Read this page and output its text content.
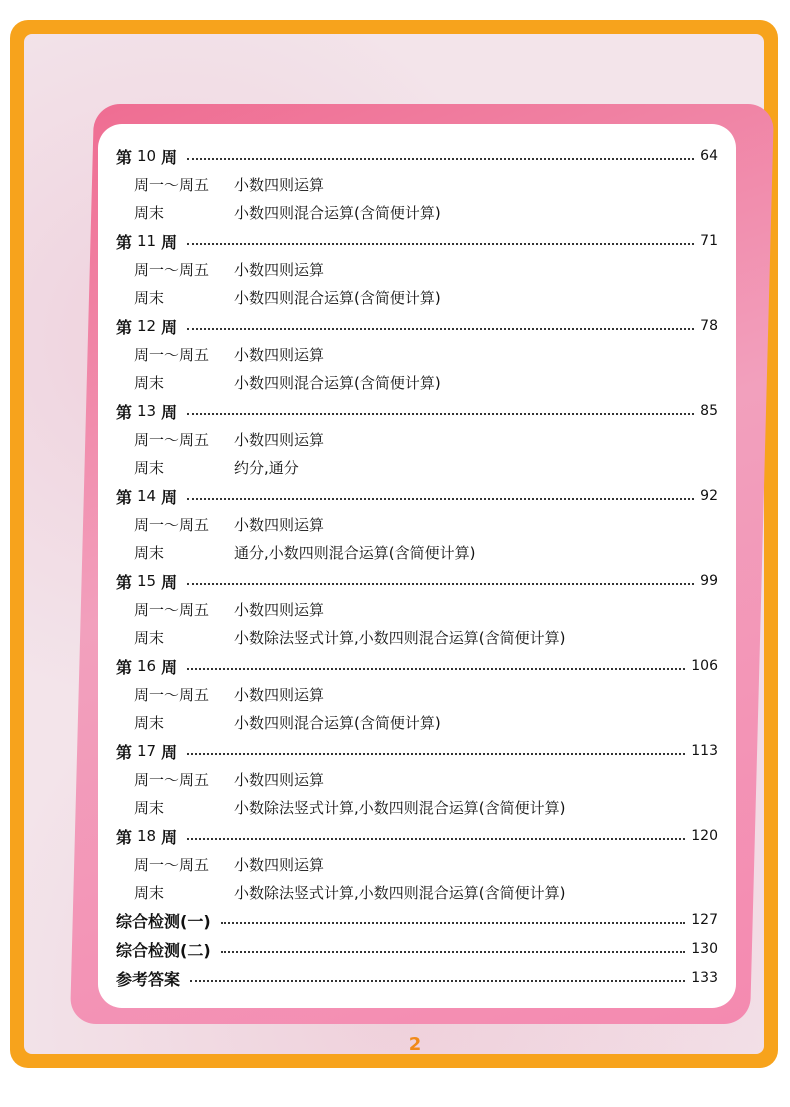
第 10 周	64
周一～周五	小数四则运算
周末	小数四则混合运算(含简便计算)
第 11 周	71
周一～周五	小数四则运算
周末	小数四则混合运算(含简便计算)
第 12 周	78
周一～周五	小数四则运算
周末	小数四则混合运算(含简便计算)
第 13 周	85
周一～周五	小数四则运算
周末	约分,通分
第 14 周	92
周一～周五	小数四则运算
周末	通分,小数四则混合运算(含简便计算)
第 15 周	99
周一～周五	小数四则运算
周末	小数除法竖式计算,小数四则混合运算(含简便计算)
第 16 周	106
周一～周五	小数四则运算
周末	小数四则混合运算(含简便计算)
第 17 周	113
周一～周五	小数四则运算
周末	小数除法竖式计算,小数四则混合运算(含简便计算)
第 18 周	120
周一～周五	小数四则运算
周末	小数除法竖式计算,小数四则混合运算(含简便计算)
综合检测(一)	127
综合检测(二)	130
参考答案	133
2
